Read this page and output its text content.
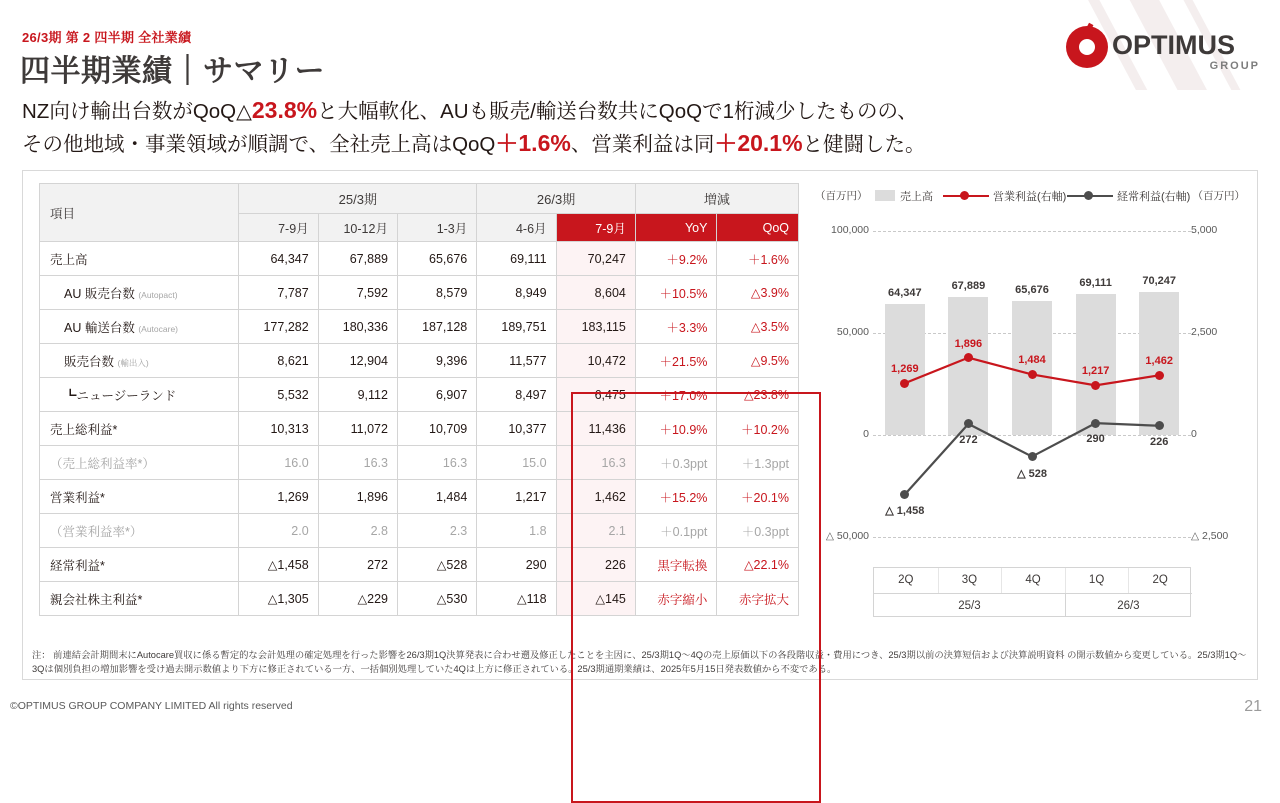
26/3期 第 2 四半期 全社業績
四半期業績｜サマリー
NZ向け輸出台数がQoQ△23.8%と大幅軟化、AUも販売/輸送台数共にQoQで1桁減少したものの、
その他地域・事業領域が順調で、全社売上高はQoQ＋1.6%、営業利益は同＋20.1%と健闘した。
OPTIMUS
GROUP
項目	25/3期			26/3期		増減	
	7-9月	10-12月	1-3月	4-6月	7-9月	YoY	QoQ
売上高	64,347	67,889	65,676	69,111	70,247	＋9.2%	＋1.6%
AU 販売台数 (Autopact)	7,787	7,592	8,579	8,949	8,604	＋10.5%	△3.9%
AU 輸送台数 (Autocare)	177,282	180,336	187,128	189,751	183,115	＋3.3%	△3.5%
販売台数 (輸出入)	8,621	12,904	9,396	11,577	10,472	＋21.5%	△9.5%
┗ニュージーランド	5,532	9,112	6,907	8,497	6,475	＋17.0%	△23.8%
売上総利益*	10,313	11,072	10,709	10,377	11,436	＋10.9%	＋10.2%
（売上総利益率*）	16.0	16.3	16.3	15.0	16.3	＋0.3ppt	＋1.3ppt
営業利益*	1,269	1,896	1,484	1,217	1,462	＋15.2%	＋20.1%
（営業利益率*）	2.0	2.8	2.3	1.8	2.1	＋0.1ppt	＋0.3ppt
経常利益*	△1,458	272	△528	290	226	黒字転換	△22.1%
親会社株主利益*	△1,305	△229	△530	△118	△145	赤字縮小	赤字拡大
（百万円）	売上高	営業利益(右軸)	経常利益(右軸) （百万円）
100,000	5,000
50,000	2,500
0	0
△ 50,000	△ 2,500
64,347
67,889	65,676
69,111	70,247
1,269
1,896
1,484
1,217
1,462
△ 1,458
272
△ 528
290	226
2Q	3Q	4Q	1Q	2Q
25/3	26/3
注： 前連結会計期間末にAutocare買収に係る暫定的な会計処理の確定処理を行った影響を26/3期1Q決算発表に合わせ遡及修正したことを主因に、25/3期1Q〜4Qの売上原価以下の各段階収益・費用につき、25/3期以前の決算短信および決算説明資料 の開示数値から変更している。25/3期1Q〜3Qは個別負担の増加影響を受け過去開示数値より下方に修正されている一方、一括個別処理していた4Qは上方に修正されている。25/3期通期業績は、2025年5月15日発表数値から不変である。
©OPTIMUS GROUP COMPANY LIMITED All rights reserved	21
